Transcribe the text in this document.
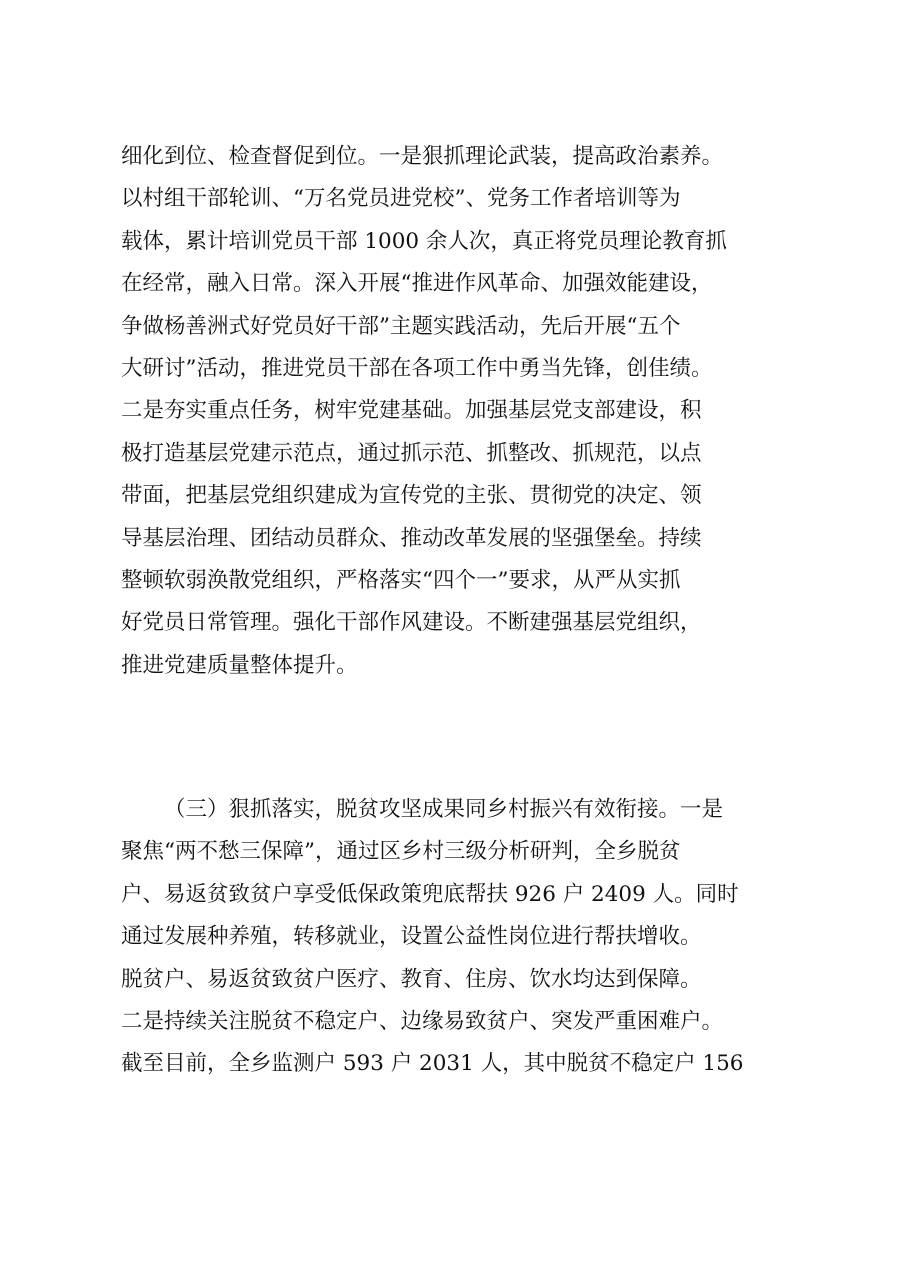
细化到位、检查督促到位。一是狠抓理论武装，提高政治素养。
以村组干部轮训、“万名党员进党校”、党务工作者培训等为
载体，累计培训党员干部 1000 余人次，真正将党员理论教育抓
在经常，融入日常。深入开展“推进作风革命、加强效能建设，
争做杨善洲式好党员好干部”主题实践活动，先后开展“五个
大研讨”活动，推进党员干部在各项工作中勇当先锋，创佳绩。
二是夯实重点任务，树牢党建基础。加强基层党支部建设，积
极打造基层党建示范点，通过抓示范、抓整改、抓规范，以点
带面，把基层党组织建成为宣传党的主张、贯彻党的决定、领
导基层治理、团结动员群众、推动改革发展的坚强堡垒。持续
整顿软弱涣散党组织，严格落实“四个一”要求，从严从实抓
好党员日常管理。强化干部作风建设。不断建强基层党组织，
推进党建质量整体提升。
（三）狠抓落实，脱贫攻坚成果同乡村振兴有效衔接。一是
聚焦“两不愁三保障”，通过区乡村三级分析研判，全乡脱贫
户、易返贫致贫户享受低保政策兜底帮扶 926 户 2409 人。同时
通过发展种养殖，转移就业，设置公益性岗位进行帮扶增收。
脱贫户、易返贫致贫户医疗、教育、住房、饮水均达到保障。
二是持续关注脱贫不稳定户、边缘易致贫户、突发严重困难户。
截至目前，全乡监测户 593 户 2031 人，其中脱贫不稳定户 156
